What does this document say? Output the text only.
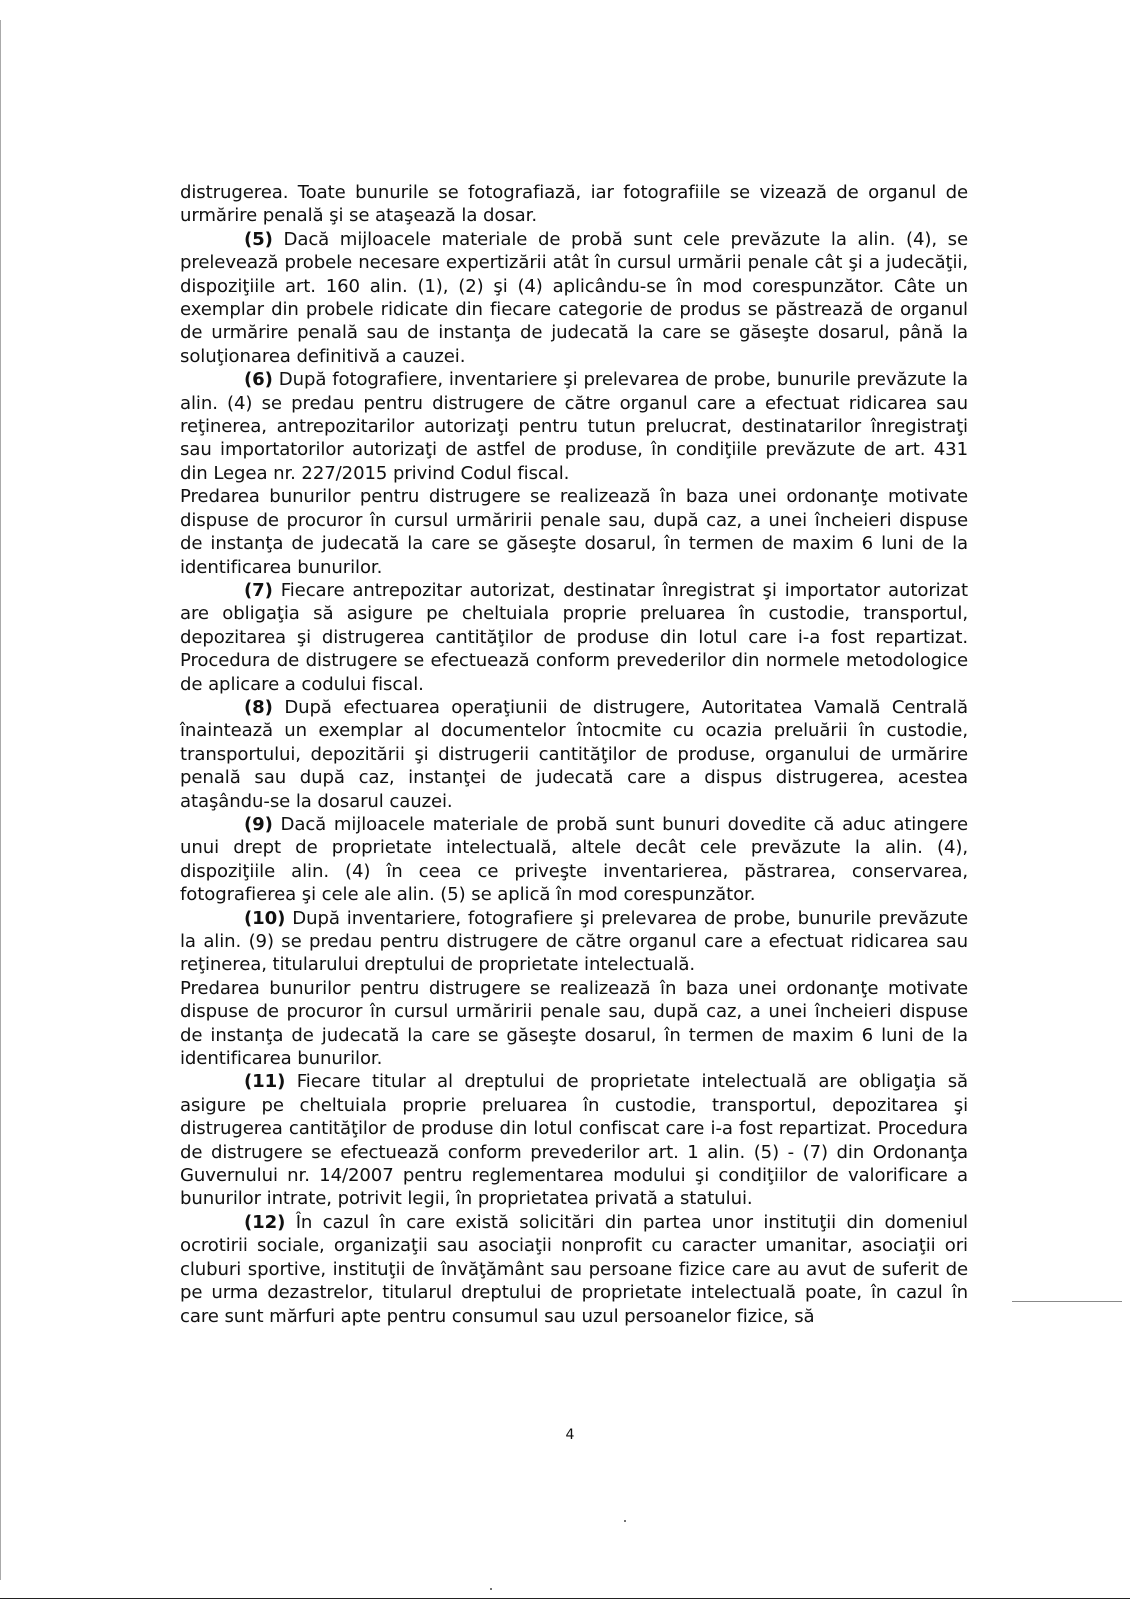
distrugerea. Toate bunurile se fotografiază, iar fotografiile se vizează de organul de urmărire penală şi se ataşează la dosar.

(5) Dacă mijloacele materiale de probă sunt cele prevăzute la alin. (4), se prelevează probele necesare expertizării atât în cursul urmării penale cât şi a judecăţii, dispoziţiile art. 160 alin. (1), (2) şi (4) aplicându-se în mod corespunzător. Câte un exemplar din probele ridicate din fiecare categorie de produs se păstrează de organul de urmărire penală sau de instanţa de judecată la care se găseşte dosarul, până la soluţionarea definitivă a cauzei.

(6) După fotografiere, inventariere şi prelevarea de probe, bunurile prevăzute la alin. (4) se predau pentru distrugere de către organul care a efectuat ridicarea sau reţinerea, antrepozitarilor autorizaţi pentru tutun prelucrat, destinatarilor înregistraţi sau importatorilor autorizaţi de astfel de produse, în condiţiile prevăzute de art. 431 din Legea nr. 227/2015 privind Codul fiscal.

Predarea bunurilor pentru distrugere se realizează în baza unei ordonanţe motivate dispuse de procuror în cursul urmăririi penale sau, după caz, a unei încheieri dispuse de instanţa de judecată la care se găseşte dosarul, în termen de maxim 6 luni de la identificarea bunurilor.

(7) Fiecare antrepozitar autorizat, destinatar înregistrat şi importator autorizat are obligaţia să asigure pe cheltuiala proprie preluarea în custodie, transportul, depozitarea şi distrugerea cantităţilor de produse din lotul care i-a fost repartizat. Procedura de distrugere se efectuează conform prevederilor din normele metodologice de aplicare a codului fiscal.

(8) După efectuarea operaţiunii de distrugere, Autoritatea Vamală Centrală înaintează un exemplar al documentelor întocmite cu ocazia preluării în custodie, transportului, depozitării şi distrugerii cantităţilor de produse, organului de urmărire penală sau după caz, instanţei de judecată care a dispus distrugerea, acestea ataşându-se la dosarul cauzei.

(9) Dacă mijloacele materiale de probă sunt bunuri dovedite că aduc atingere unui drept de proprietate intelectuală, altele decât cele prevăzute la alin. (4), dispoziţiile alin. (4) în ceea ce priveşte inventarierea, păstrarea, conservarea, fotografierea şi cele ale alin. (5) se aplică în mod corespunzător.

(10) După inventariere, fotografiere şi prelevarea de probe, bunurile prevăzute la alin. (9) se predau pentru distrugere de către organul care a efectuat ridicarea sau reţinerea, titularului dreptului de proprietate intelectuală.

Predarea bunurilor pentru distrugere se realizează în baza unei ordonanţe motivate dispuse de procuror în cursul urmăririi penale sau, după caz, a unei încheieri dispuse de instanţa de judecată la care se găseşte dosarul, în termen de maxim 6 luni de la identificarea bunurilor.

(11) Fiecare titular al dreptului de proprietate intelectuală are obligaţia să asigure pe cheltuiala proprie preluarea în custodie, transportul, depozitarea şi distrugerea cantităţilor de produse din lotul confiscat care i-a fost repartizat. Procedura de distrugere se efectuează conform prevederilor art. 1 alin. (5) - (7) din Ordonanţa Guvernului nr. 14/2007 pentru reglementarea modului şi condiţiilor de valorificare a bunurilor intrate, potrivit legii, în proprietatea privată a statului.

(12) În cazul în care există solicitări din partea unor instituţii din domeniul ocrotirii sociale, organizaţii sau asociaţii nonprofit cu caracter umanitar, asociaţii ori cluburi sportive, instituţii de învăţământ sau persoane fizice care au avut de suferit de pe urma dezastrelor, titularul dreptului de proprietate intelectuală poate, în cazul în care sunt mărfuri apte pentru consumul sau uzul persoanelor fizice, să

4
